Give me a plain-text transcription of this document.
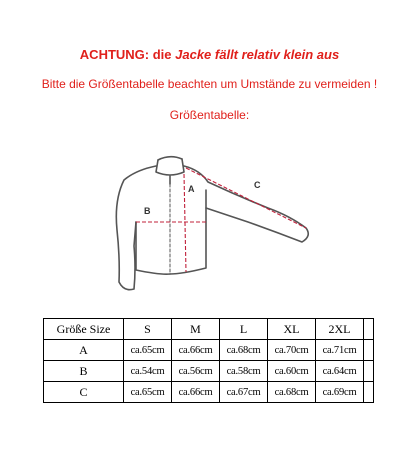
ACHTUNG: die Jacke fällt relativ klein aus
Bitte die Größentabelle beachten um Umstände zu vermeiden !
Größentabelle:
A
B
C
Größe Size	S	M	L	XL	2XL	
A	ca.65cm	ca.66cm	ca.68cm	ca.70cm	ca.71cm	
B	ca.54cm	ca.56cm	ca.58cm	ca.60cm	ca.64cm	
C	ca.65cm	ca.66cm	ca.67cm	ca.68cm	ca.69cm	
